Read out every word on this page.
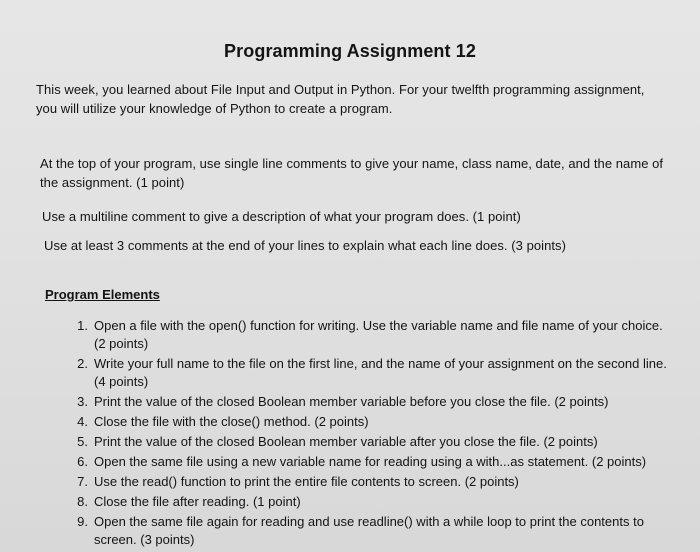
Programming Assignment 12
This week, you learned about File Input and Output in Python. For your twelfth programming assignment, you will utilize your knowledge of Python to create a program.
At the top of your program, use single line comments to give your name, class name, date, and the name of the assignment. (1 point)
Use a multiline comment to give a description of what your program does. (1 point)
Use at least 3 comments at the end of your lines to explain what each line does. (3 points)
Program Elements
1. Open a file with the open() function for writing. Use the variable name and file name of your choice. (2 points)
2. Write your full name to the file on the first line, and the name of your assignment on the second line. (4 points)
3. Print the value of the closed Boolean member variable before you close the file. (2 points)
4. Close the file with the close() method. (2 points)
5. Print the value of the closed Boolean member variable after you close the file. (2 points)
6. Open the same file using a new variable name for reading using a with...as statement. (2 points)
7. Use the read() function to print the entire file contents to screen. (2 points)
8. Close the file after reading. (1 point)
9. Open the same file again for reading and use readline() with a while loop to print the contents to screen. (3 points)
